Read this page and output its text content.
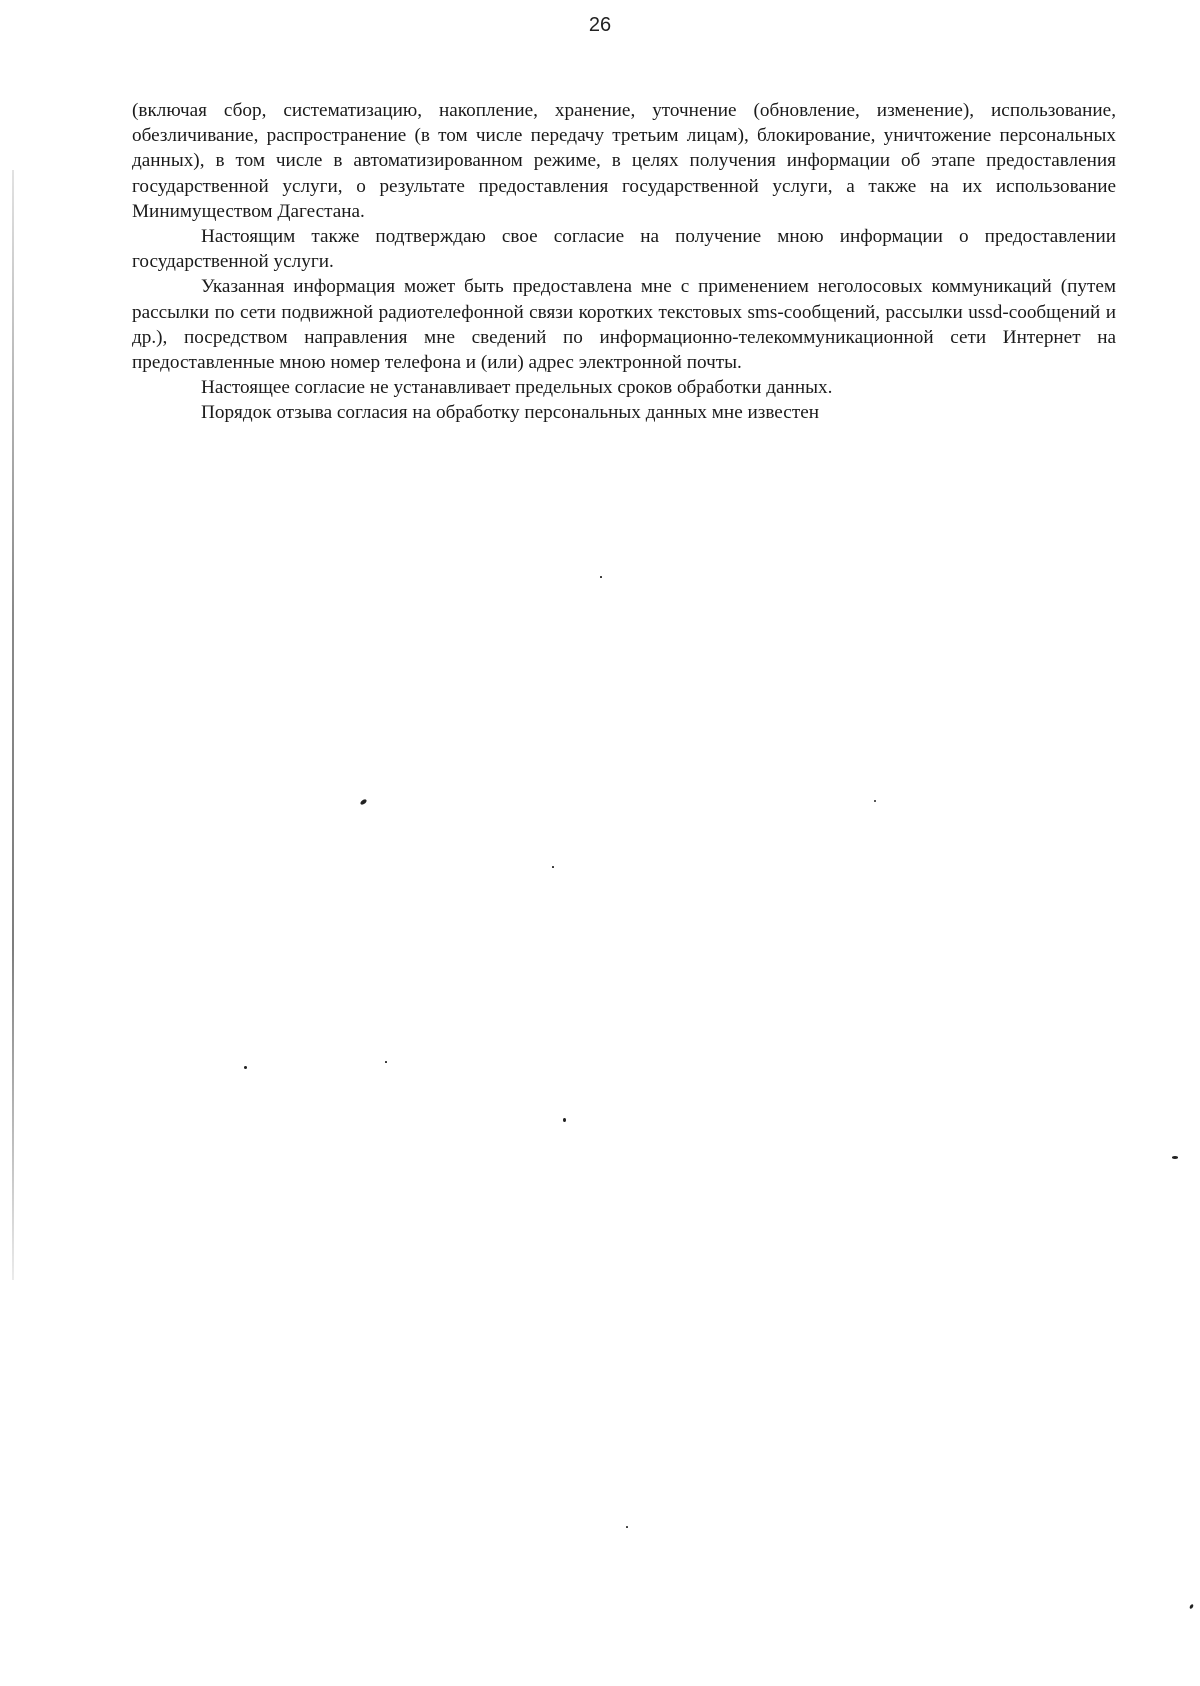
26

(включая сбор, систематизацию, накопление, хранение, уточнение (обновление, изменение), использование, обезличивание, распространение (в том числе передачу третьим лицам), блокирование, уничтожение персональных данных), в том числе в автоматизированном режиме, в целях получения информации об этапе предоставления государственной услуги, о результате предоставления государственной услуги, а также на их использование Минимуществом Дагестана.

Настоящим также подтверждаю свое согласие на получение мною информации о предоставлении государственной услуги.

Указанная информация может быть предоставлена мне с применением неголосовых коммуникаций (путем рассылки по сети подвижной радиотелефонной связи коротких текстовых sms-сообщений, рассылки ussd-сообщений и др.), посредством направления мне сведений по информационно-телекоммуникационной сети Интернет на предоставленные мною номер телефона и (или) адрес электронной почты.

Настоящее согласие не устанавливает предельных сроков обработки данных.

Порядок отзыва согласия на обработку персональных данных мне известен
